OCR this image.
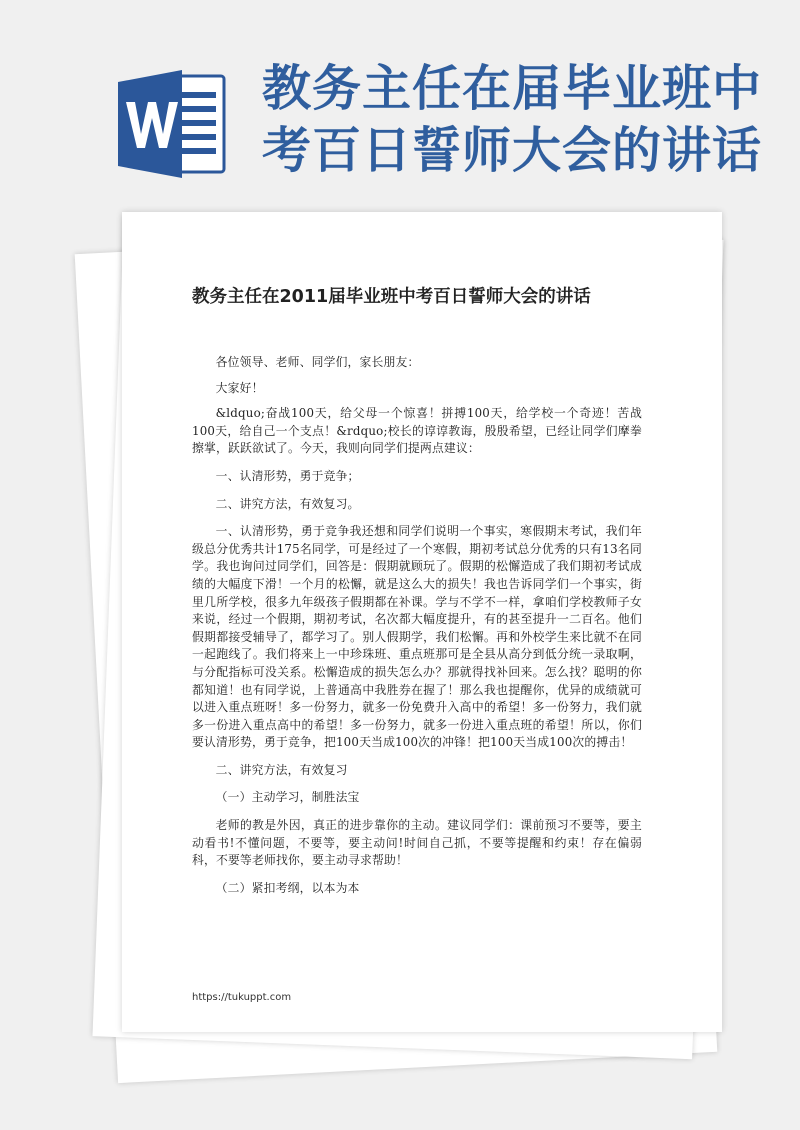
教务主任在届毕业班中
考百日誓师大会的讲话
教务主任在2011届毕业班中考百日誓师大会的讲话

各位领导、老师、同学们，家长朋友：

大家好！

&ldquo;奋战100天，给父母一个惊喜！拼搏100天，给学校一个奇迹！苦战100天，给自己一个支点！&rdquo;校长的谆谆教诲，殷殷希望，已经让同学们摩拳擦掌，跃跃欲试了。今天，我则向同学们提两点建议：

一、认清形势，勇于竞争；

二、讲究方法，有效复习。

一、认清形势，勇于竞争我还想和同学们说明一个事实，寒假期末考试，我们年级总分优秀共计175名同学，可是经过了一个寒假，期初考试总分优秀的只有13名同学。我也询问过同学们，回答是：假期就顾玩了。假期的松懈造成了我们期初考试成绩的大幅度下滑！一个月的松懈，就是这么大的损失！我也告诉同学们一个事实，街里几所学校，很多九年级孩子假期都在补课。学与不学不一样，拿咱们学校教师子女来说，经过一个假期，期初考试，名次都大幅度提升，有的甚至提升一二百名。他们假期都接受辅导了，都学习了。别人假期学，我们松懈。再和外校学生来比就不在同一起跑线了。我们将来上一中珍珠班、重点班那可是全县从高分到低分统一录取啊，与分配指标可没关系。松懈造成的损失怎么办？那就得找补回来。怎么找？聪明的你都知道！也有同学说，上普通高中我胜券在握了！那么我也提醒你，优异的成绩就可以进入重点班呀！多一份努力，就多一份免费升入高中的希望！多一份努力，我们就多一份进入重点高中的希望！多一份努力，就多一份进入重点班的希望！所以，你们要认清形势，勇于竞争，把100天当成100次的冲锋！把100天当成100次的搏击！

二、讲究方法，有效复习

（一）主动学习，制胜法宝

老师的教是外因，真正的进步靠你的主动。建议同学们：课前预习不要等，要主动看书!不懂问题，不要等，要主动问!时间自己抓，不要等提醒和约束！存在偏弱科，不要等老师找你，要主动寻求帮助！

（二）紧扣考纲，以本为本

https://tukuppt.com
